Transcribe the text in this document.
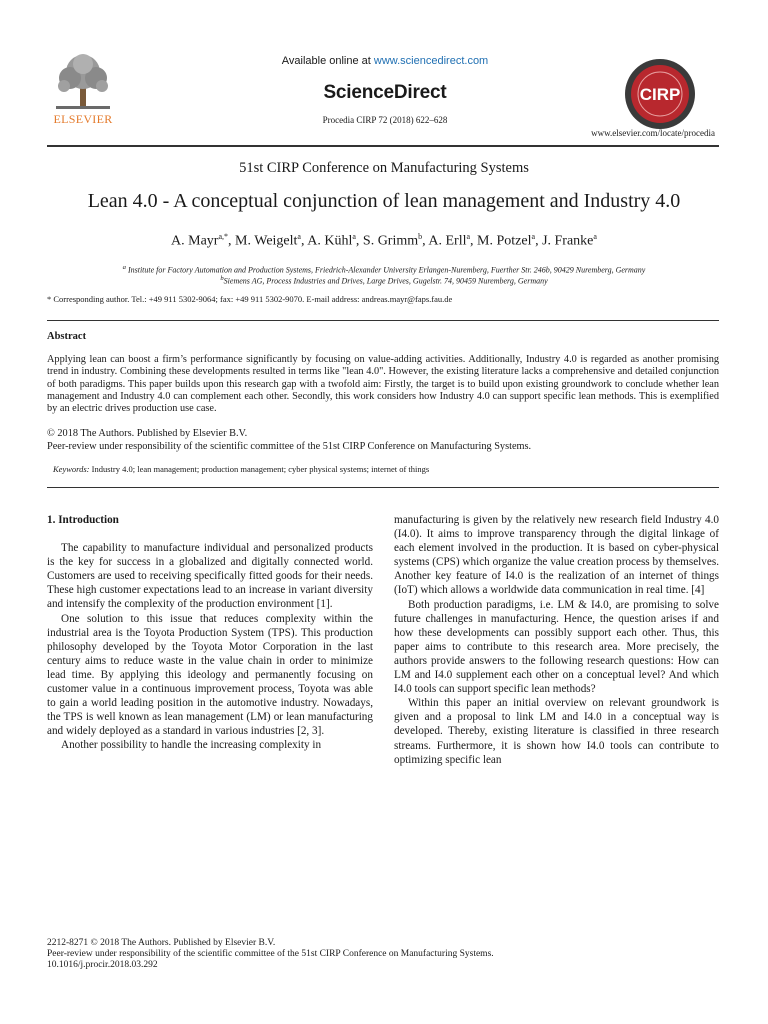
ELSEVIER
Available online at www.sciencedirect.com
ScienceDirect
Procedia CIRP 72 (2018) 622–628
CIRP
www.elsevier.com/locate/procedia
51st CIRP Conference on Manufacturing Systems
Lean 4.0 - A conceptual conjunction of lean management and Industry 4.0
A. Mayr$^{a,*}$, M. Weigelt$^a$, A. Kühl$^a$, S. Grimm$^b$, A. Erll$^a$, M. Potzel$^a$, J. Franke$^a$
$^a$ Institute for Factory Automation and Production Systems, Friedrich-Alexander University Erlangen-Nuremberg, Fuerther Str. 246b, 90429 Nuremberg, Germany
$^b$Siemens AG, Process Industries and Drives, Large Drives, Gugelstr. 74, 90459 Nuremberg, Germany
* Corresponding author. Tel.: +49 911 5302-9064; fax: +49 911 5302-9070. E-mail address: andreas.mayr@faps.fau.de
Abstract
Applying lean can boost a firm’s performance significantly by focusing on value-adding activities. Additionally, Industry 4.0 is regarded as another promising trend in industry. Combining these developments resulted in terms like "lean 4.0". However, the existing literature lacks a comprehensive and detailed conjunction of both paradigms. This paper builds upon this research gap with a twofold aim: Firstly, the target is to build upon existing groundwork to conclude whether lean management and Industry 4.0 can complement each other. Secondly, this work considers how Industry 4.0 can support specific lean methods. This is exemplified by an electric drives production use case.
© 2018 The Authors. Published by Elsevier B.V.
Peer-review under responsibility of the scientific committee of the 51st CIRP Conference on Manufacturing Systems.
Keywords: Industry 4.0; lean management; production management; cyber physical systems; internet of things
1. Introduction

The capability to manufacture individual and personalized products is the key for success in a globalized and digitally connected world. Customers are used to receiving specifically fitted goods for their needs. These high customer expectations lead to an increase in variant diversity and intensify the complexity of the production environment [1].

One solution to this issue that reduces complexity within the industrial area is the Toyota Production System (TPS). This production philosophy developed by the Toyota Motor Corporation in the last century aims to reduce waste in the value chain in order to minimize lead time. By applying this ideology and permanently focusing on customer value in a continuous improvement process, Toyota was able to gain a world leading position in the automotive industry. Nowadays, the TPS is well known as lean management (LM) or lean manufacturing and widely deployed as a standard in various industries [2, 3].

Another possibility to handle the increasing complexity in

manufacturing is given by the relatively new research field Industry 4.0 (I4.0). It aims to improve transparency through the digital linkage of each element involved in the production. It is based on cyber-physical systems (CPS) which organize the value creation process by themselves. Another key feature of I4.0 is the realization of an internet of things (IoT) which allows a worldwide data communication in real time. [4]

Both production paradigms, i.e. LM & I4.0, are promising to solve future challenges in manufacturing. Hence, the question arises if and how these developments can possibly support each other. Thus, this paper aims to contribute to this research area. More precisely, the authors provide answers to the following research questions: How can LM and I4.0 supplement each other on a conceptual level? And which I4.0 tools can support specific lean methods?

Within this paper an initial overview on relevant groundwork is given and a proposal to link LM and I4.0 in a conceptual way is developed. Thereby, existing literature is classified in three research streams. Furthermore, it is shown how I4.0 tools can contribute to optimizing specific lean

2212-8271 © 2018 The Authors. Published by Elsevier B.V.
Peer-review under responsibility of the scientific committee of the 51st CIRP Conference on Manufacturing Systems.
10.1016/j.procir.2018.03.292
